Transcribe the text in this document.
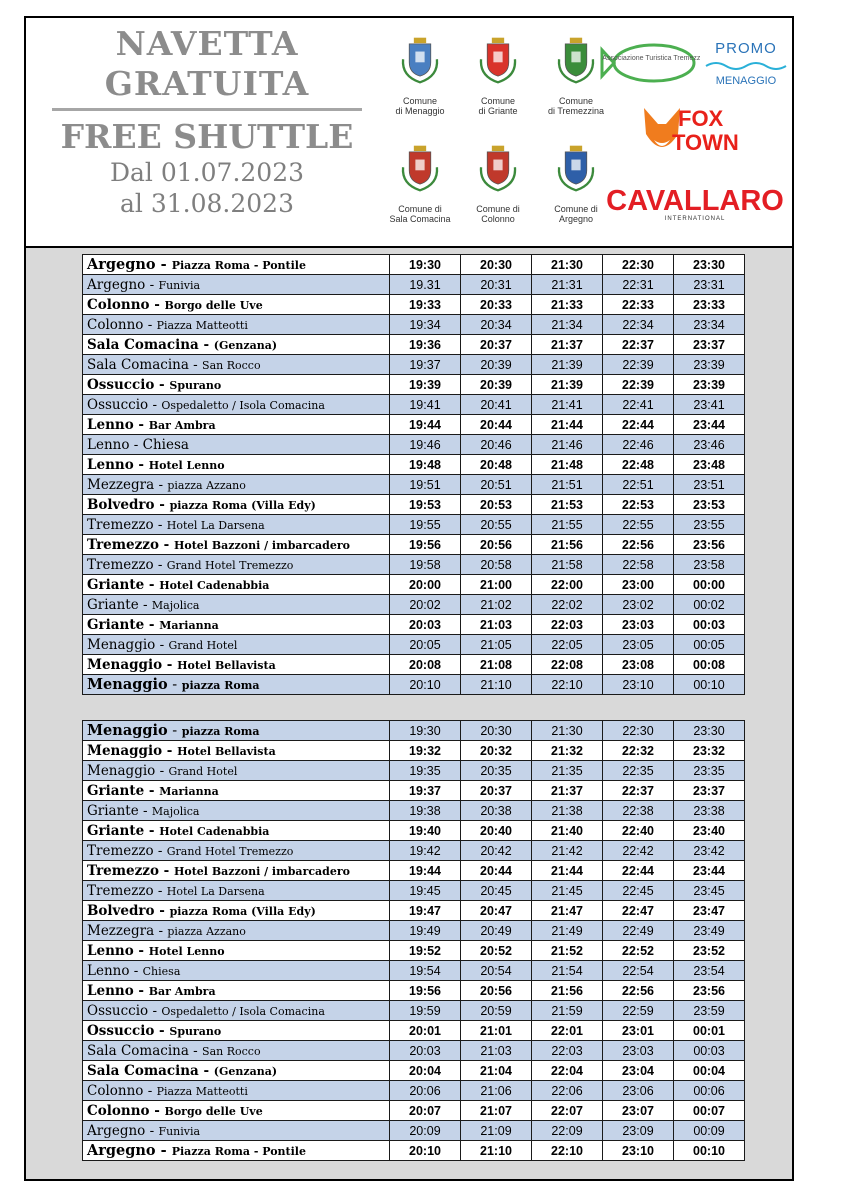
NAVETTA
GRATUITA
FREE SHUTTLE
Dal 01.07.2023
al 31.08.2023
Comune
di Menaggio
Comune
di Griante
Comune
di Tremezzina
Comune di
Sala Comacina
Comune di
Colonno
Comune di
Argegno
Associazione Turistica Tremezzina
PROMO
MENAGGIO
FOX
TOWN
CAVALLARO
INTERNATIONAL
Argegno - Piazza Roma - Pontile	19:30	20:30	21:30	22:30	23:30
Argegno - Funivia	19.31	20:31	21:31	22:31	23:31
Colonno - Borgo delle Uve	19:33	20:33	21:33	22:33	23:33
Colonno - Piazza Matteotti	19:34	20:34	21:34	22:34	23:34
Sala Comacina - (Genzana)	19:36	20:37	21:37	22:37	23:37
Sala Comacina - San Rocco	19:37	20:39	21:39	22:39	23:39
Ossuccio - Spurano	19:39	20:39	21:39	22:39	23:39
Ossuccio - Ospedaletto / Isola Comacina	19:41	20:41	21:41	22:41	23:41
Lenno - Bar Ambra	19:44	20:44	21:44	22:44	23:44
Lenno - Chiesa	19:46	20:46	21:46	22:46	23:46
Lenno - Hotel Lenno	19:48	20:48	21:48	22:48	23:48
Mezzegra - piazza Azzano	19:51	20:51	21:51	22:51	23:51
Bolvedro - piazza Roma (Villa Edy)	19:53	20:53	21:53	22:53	23:53
Tremezzo - Hotel La Darsena	19:55	20:55	21:55	22:55	23:55
Tremezzo - Hotel Bazzoni / imbarcadero	19:56	20:56	21:56	22:56	23:56
Tremezzo - Grand Hotel Tremezzo	19:58	20:58	21:58	22:58	23:58
Griante - Hotel Cadenabbia	20:00	21:00	22:00	23:00	00:00
Griante - Majolica	20:02	21:02	22:02	23:02	00:02
Griante - Marianna	20:03	21:03	22:03	23:03	00:03
Menaggio - Grand Hotel	20:05	21:05	22:05	23:05	00:05
Menaggio - Hotel Bellavista	20:08	21:08	22:08	23:08	00:08
Menaggio - piazza Roma	20:10	21:10	22:10	23:10	00:10
Menaggio - piazza Roma	19:30	20:30	21:30	22:30	23:30
Menaggio - Hotel Bellavista	19:32	20:32	21:32	22:32	23:32
Menaggio - Grand Hotel	19:35	20:35	21:35	22:35	23:35
Griante - Marianna	19:37	20:37	21:37	22:37	23:37
Griante - Majolica	19:38	20:38	21:38	22:38	23:38
Griante - Hotel Cadenabbia	19:40	20:40	21:40	22:40	23:40
Tremezzo - Grand Hotel Tremezzo	19:42	20:42	21:42	22:42	23:42
Tremezzo - Hotel Bazzoni / imbarcadero	19:44	20:44	21:44	22:44	23:44
Tremezzo - Hotel La Darsena	19:45	20:45	21:45	22:45	23:45
Bolvedro - piazza Roma (Villa Edy)	19:47	20:47	21:47	22:47	23:47
Mezzegra - piazza Azzano	19:49	20:49	21:49	22:49	23:49
Lenno - Hotel Lenno	19:52	20:52	21:52	22:52	23:52
Lenno - Chiesa	19:54	20:54	21:54	22:54	23:54
Lenno - Bar Ambra	19:56	20:56	21:56	22:56	23:56
Ossuccio - Ospedaletto / Isola Comacina	19:59	20:59	21:59	22:59	23:59
Ossuccio - Spurano	20:01	21:01	22:01	23:01	00:01
Sala Comacina - San Rocco	20:03	21:03	22:03	23:03	00:03
Sala Comacina - (Genzana)	20:04	21:04	22:04	23:04	00:04
Colonno - Piazza Matteotti	20:06	21:06	22:06	23:06	00:06
Colonno - Borgo delle Uve	20:07	21:07	22:07	23:07	00:07
Argegno - Funivia	20:09	21:09	22:09	23:09	00:09
Argegno - Piazza Roma - Pontile	20:10	21:10	22:10	23:10	00:10
